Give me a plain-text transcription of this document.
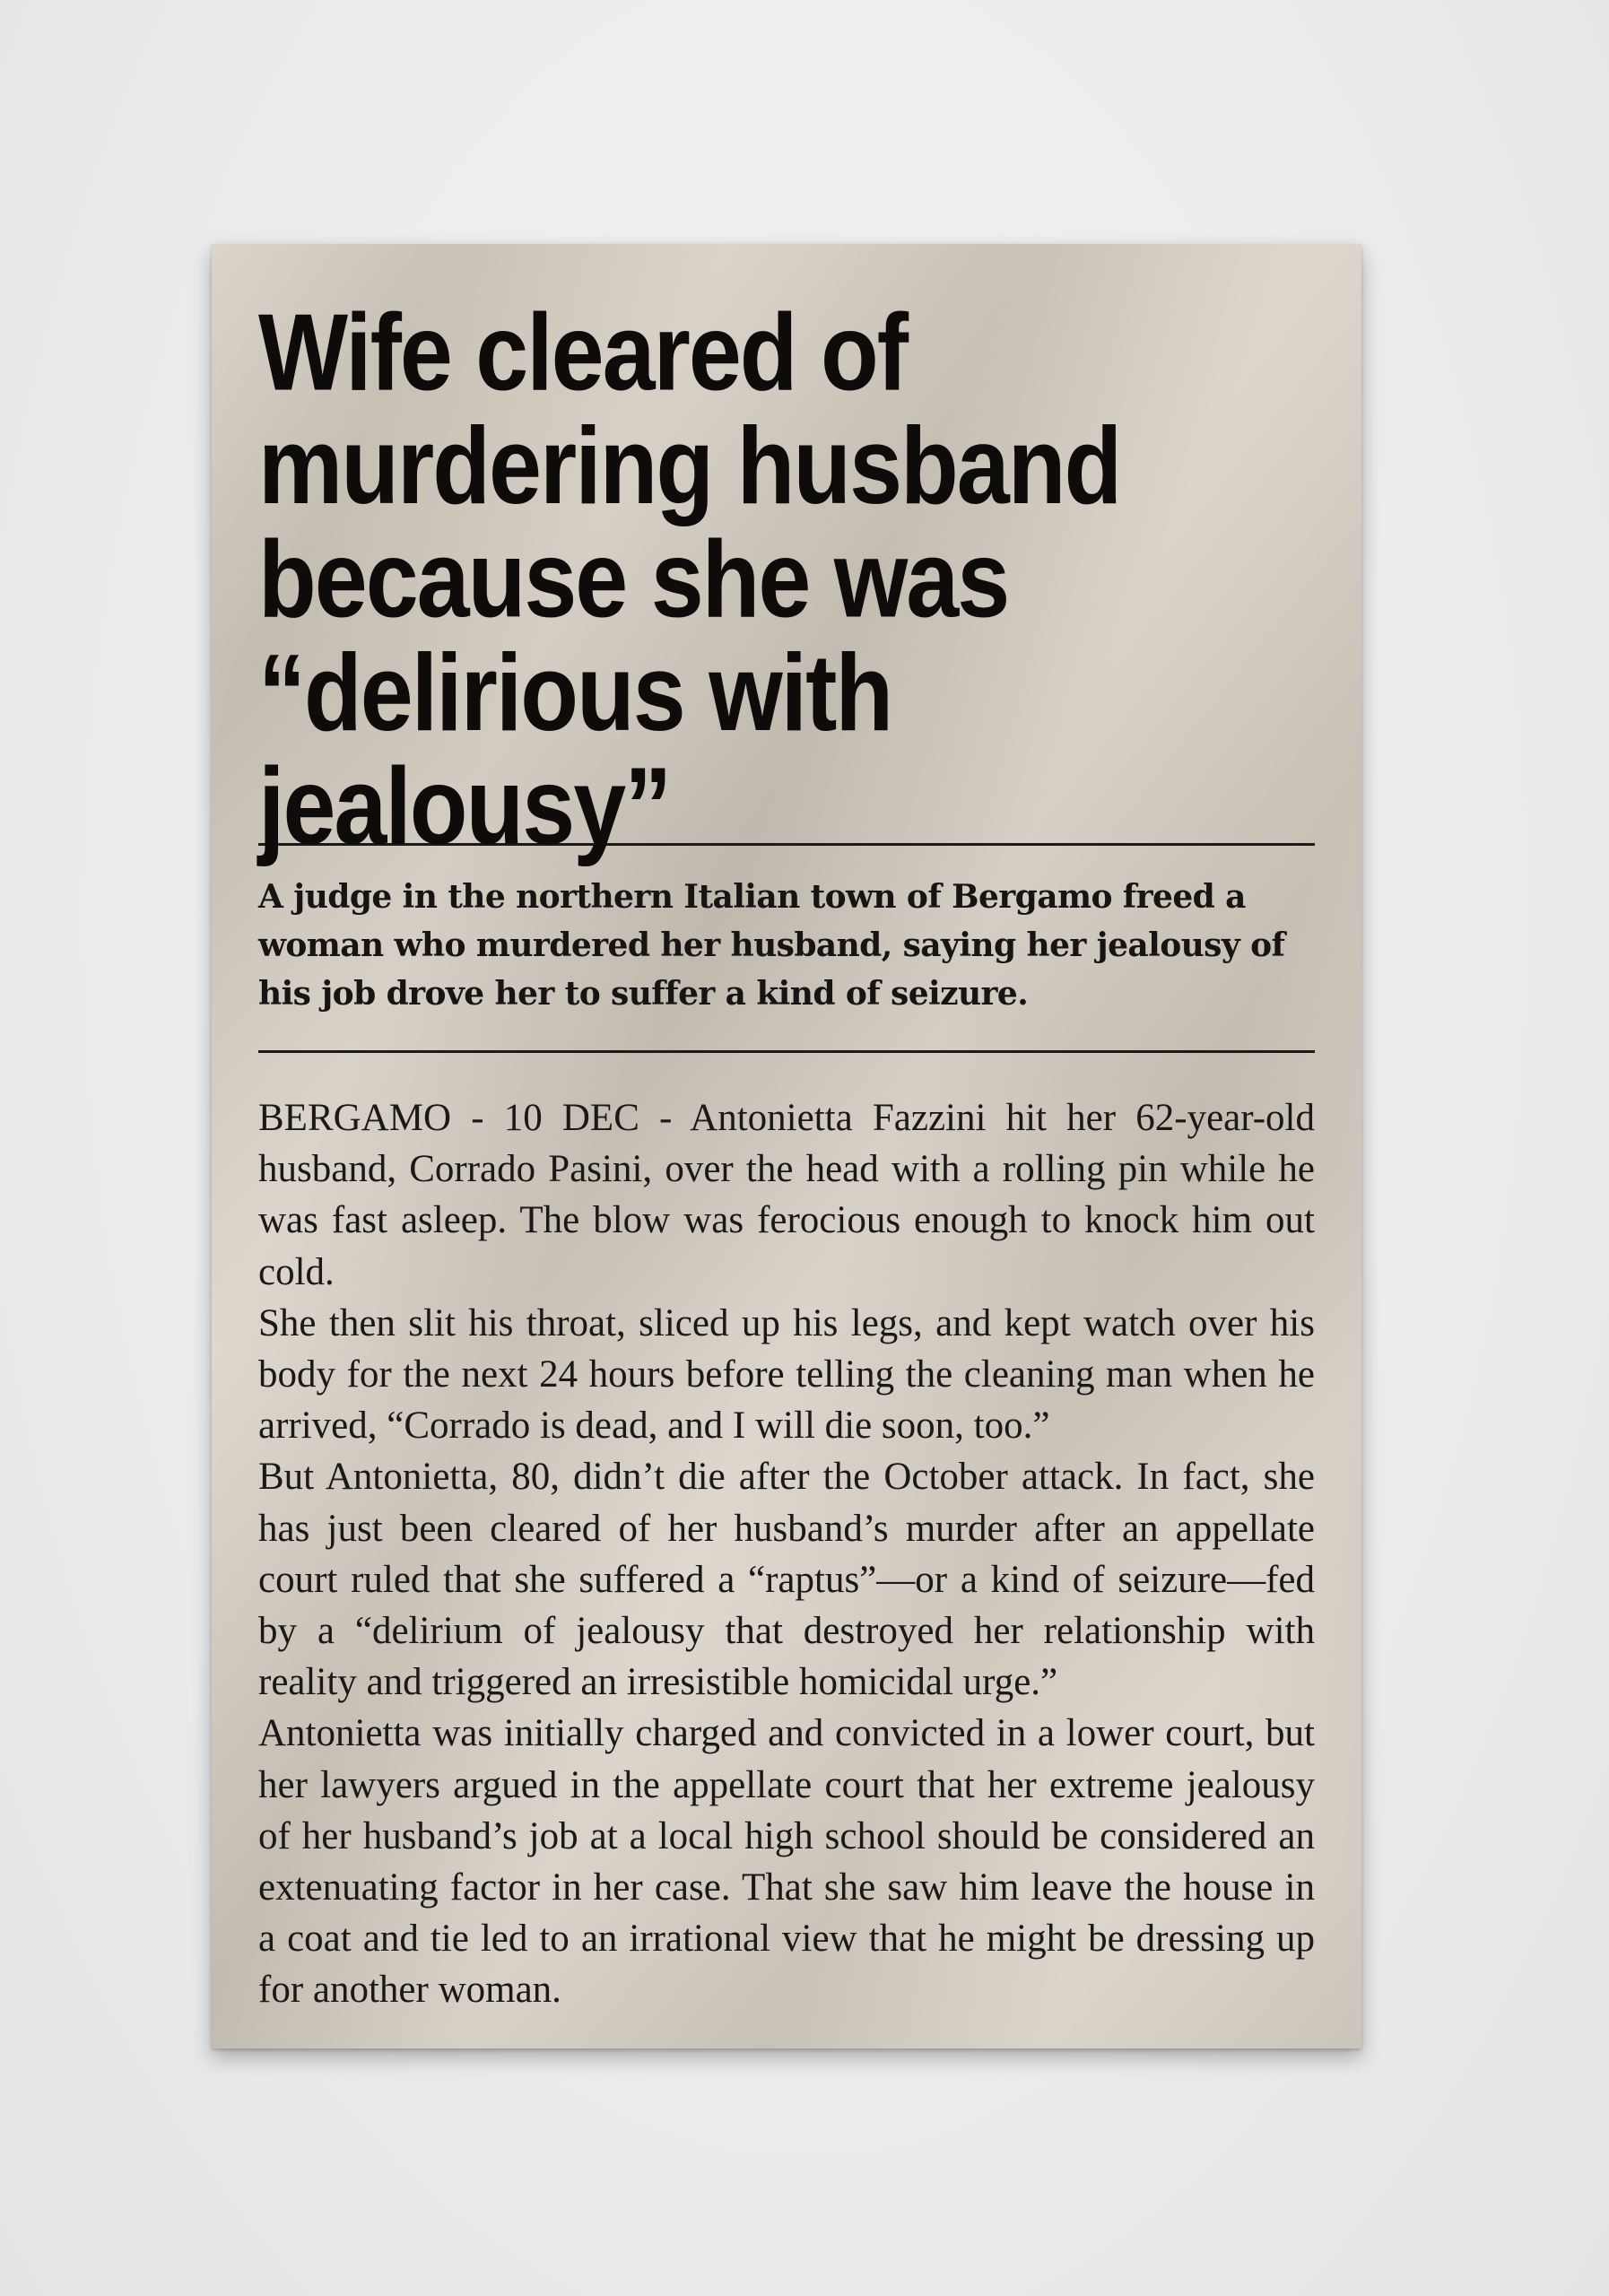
Wife cleared of murdering husband because she was “delirious with jealousy”
A judge in the northern Italian town of Bergamo freed a woman who murdered her husband, saying her jealousy of his job drove her to suffer a kind of seizure.

BERGAMO - 10 DEC - Antonietta Fazzini hit her 62-year-old husband, Corrado Pasini, over the head with a rolling pin while he was fast asleep. The blow was ferocious enough to knock him out cold.

She then slit his throat, sliced up his legs, and kept watch over his body for the next 24 hours before telling the cleaning man when he arrived, “Corrado is dead, and I will die soon, too.”

But Antonietta, 80, didn’t die after the October attack. In fact, she has just been cleared of her husband’s murder after an appellate court ruled that she suffered a “raptus”—or a kind of seizure—fed by a “delirium of jealousy that destroyed her relationship with reality and triggered an irresistible homicidal urge.”

Antonietta was initially charged and convicted in a lower court, but her lawyers argued in the appellate court that her extreme jealousy of her husband’s job at a local high school should be considered an extenuating factor in her case. That she saw him leave the house in a coat and tie led to an irrational view that he might be dressing up for another woman.
